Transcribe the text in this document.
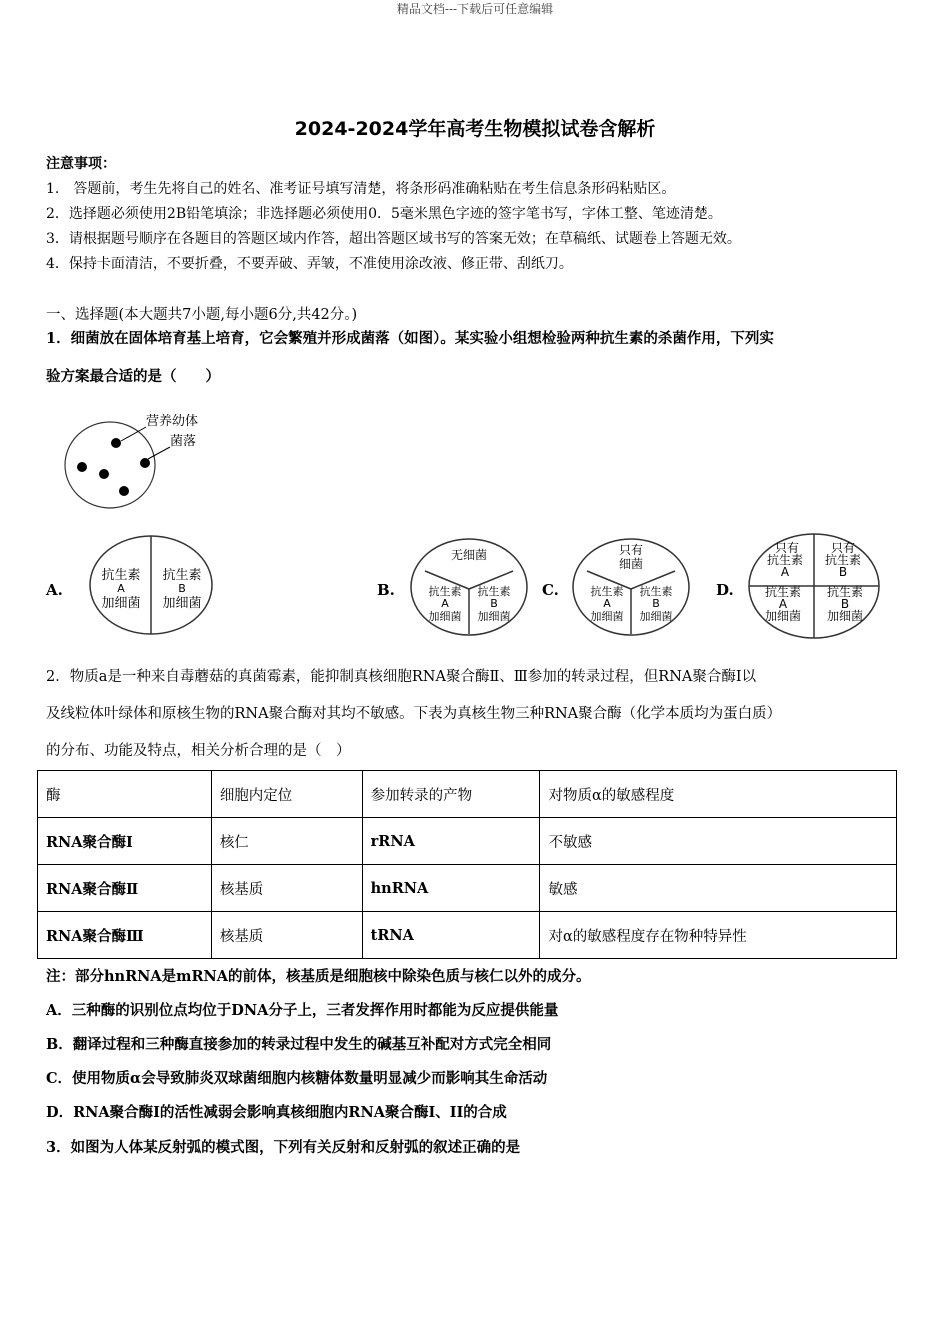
精品文档---下载后可任意编辑
2024-2024学年高考生物模拟试卷含解析
注意事项：
1.　答题前，考生先将自己的姓名、准考证号填写清楚，将条形码准确粘贴在考生信息条形码粘贴区。
2．选择题必须使用2B铅笔填涂；非选择题必须使用0．5毫米黑色字迹的签字笔书写，字体工整、笔迹清楚。
3．请根据题号顺序在各题目的答题区域内作答，超出答题区域书写的答案无效；在草稿纸、试题卷上答题无效。
4．保持卡面清洁，不要折叠，不要弄破、弄皱，不准使用涂改液、修正带、刮纸刀。
一、选择题(本大题共7小题,每小题6分,共42分。)
1．细菌放在固体培育基上培育，它会繁殖并形成菌落（如图）。某实验小组想检验两种抗生素的杀菌作用，下列实
验方案最合适的是（　　）
营养幼体
菌落
A.
抗生素
A
加细菌
抗生素
B
加细菌
B.
无细菌
抗生素
A
加细菌
抗生素
B
加细菌
C.
只有
细菌
抗生素
A
加细菌
抗生素
B
加细菌
D.
只有
抗生素
A
只有
抗生素
B
抗生素
A
加细菌
抗生素
B
加细菌
2．物质a是一种来自毒蘑菇的真菌霉素，能抑制真核细胞RNA聚合酶Ⅱ、Ⅲ参加的转录过程，但RNA聚合酶Ⅰ以
及线粒体叶绿体和原核生物的RNA聚合酶对其均不敏感。下表为真核生物三种RNA聚合酶（化学本质均为蛋白质）
的分布、功能及特点，相关分析合理的是（　）
酶	细胞内定位	参加转录的产物	对物质α的敏感程度
RNA聚合酶Ⅰ	核仁	rRNA	不敏感
RNA聚合酶Ⅱ	核基质	hnRNA	敏感
RNA聚合酶Ⅲ	核基质	tRNA	对α的敏感程度存在物种特异性
注：部分hnRNA是mRNA的前体，核基质是细胞核中除染色质与核仁以外的成分。
A．三种酶的识别位点均位于DNA分子上，三者发挥作用时都能为反应提供能量
B．翻译过程和三种酶直接参加的转录过程中发生的碱基互补配对方式完全相同
C．使用物质α会导致肺炎双球菌细胞内核糖体数量明显减少而影响其生命活动
D．RNA聚合酶I的活性减弱会影响真核细胞内RNA聚合酶I、II的合成
3．如图为人体某反射弧的模式图，下列有关反射和反射弧的叙述正确的是
